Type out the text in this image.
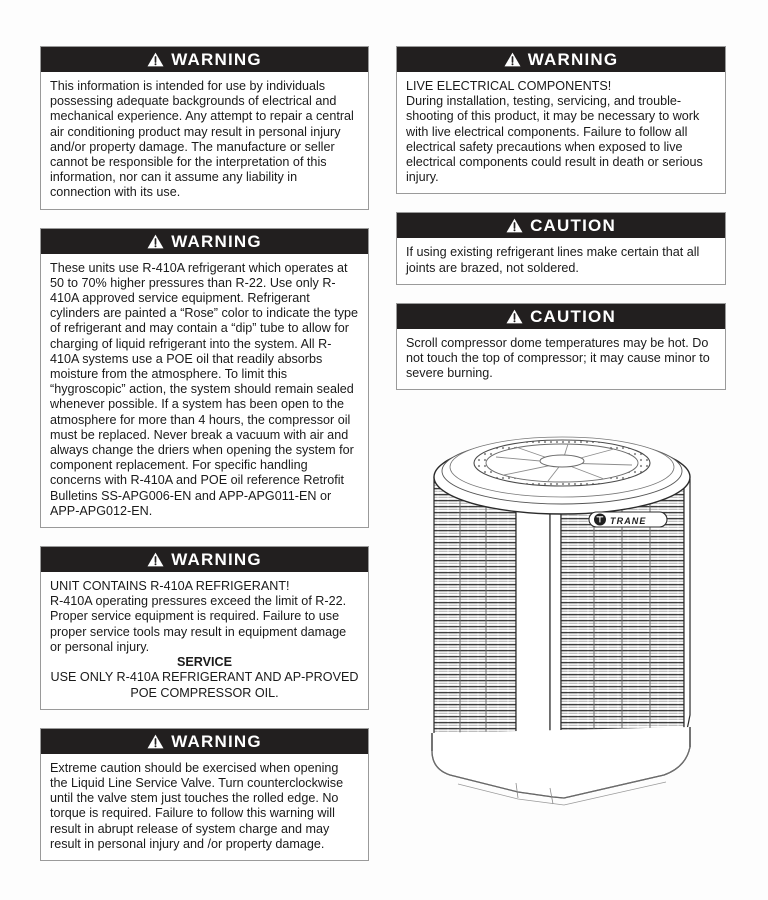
WARNING

This information is intended for use by individuals possessing adequate backgrounds of electrical and mechanical experience. Any attempt to repair a central air conditioning product may result in personal injury and/or property damage. The manufacture or seller cannot be responsible for the interpretation of this information, nor can it assume any liability in connection with its use.

WARNING

These units use R-410A refrigerant which operates at 50 to 70% higher pressures than R-22. Use only R-410A approved service equipment. Refrigerant cylinders are painted a “Rose” color to indicate the type of refrigerant and may contain a “dip” tube to allow for charging of liquid refrigerant into the system. All R-410A systems use a POE oil that readily absorbs moisture from the atmosphere. To limit this “hygroscopic” action, the system should remain sealed whenever possible. If a system has been open to the atmosphere for more than 4 hours, the compressor oil must be replaced. Never break a vacuum with air and always change the driers when opening the system for component replacement. For specific handling concerns with R-410A and POE oil reference Retrofit Bulletins SS-APG006-EN and APP-APG011-EN or APP-APG012-EN.

WARNING

UNIT CONTAINS R-410A REFRIGERANT!

R-410A operating pressures exceed the limit of R-22. Proper service equipment is required. Failure to use proper service tools may result in equipment damage or personal injury.

SERVICE

USE ONLY R-410A REFRIGERANT AND AP-PROVED POE COMPRESSOR OIL.

WARNING

Extreme caution should be exercised when opening the Liquid Line Service Valve. Turn counterclockwise until the valve stem just touches the rolled edge. No torque is required. Failure to follow this warning will result in abrupt release of system charge and may result in personal injury and /or property damage.

WARNING

LIVE ELECTRICAL COMPONENTS!

During installation, testing, servicing, and trouble-shooting of this product, it may be necessary to work with live electrical components. Failure to follow all electrical safety precautions when exposed to live electrical components could result in death or serious injury.

CAUTION

If using existing refrigerant lines make certain that all joints are brazed, not soldered.

CAUTION

Scroll compressor dome temperatures may be hot. Do not touch the top of compressor; it may cause minor to severe burning.

TRANE
